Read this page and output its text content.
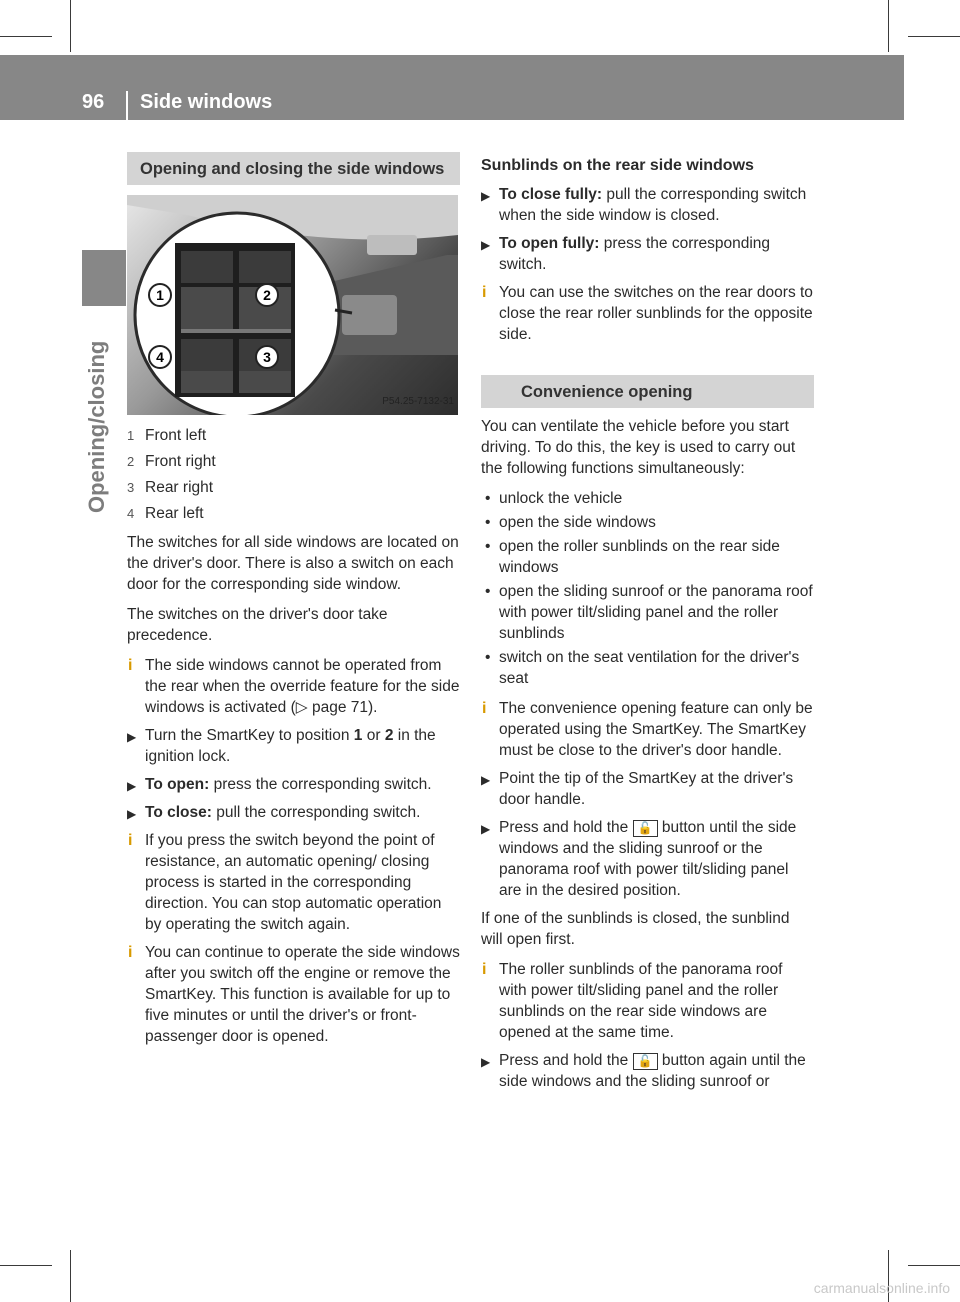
96 Side windows
Opening/closing
Opening and closing the side windows
1	2
3
4
P54.25-7132-31
1 Front left
2 Front right
3 Rear right
4 Rear left

The switches for all side windows are located on the driver's door. There is also a switch on each door for the corresponding side window.

The switches on the driver's door take precedence.

i The side windows cannot be operated from the rear when the override feature for the side windows is activated (▷ page 71).
▶ Turn the SmartKey to position 1 or 2 in the ignition lock.
▶ To open: press the corresponding switch.
▶ To close: pull the corresponding switch.
i If you press the switch beyond the point of resistance, an automatic opening/ closing process is started in the corresponding direction. You can stop automatic operation by operating the switch again.
i You can continue to operate the side windows after you switch off the engine or remove the SmartKey. This function is available for up to five minutes or until the driver's or front-passenger door is opened.
Sunblinds on the rear side windows
▶ To close fully: pull the corresponding switch when the side window is closed.
▶ To open fully: press the corresponding switch.
i You can use the switches on the rear doors to close the rear roller sunblinds for the opposite side.
Convenience opening

You can ventilate the vehicle before you start driving. To do this, the key is used to carry out the following functions simultaneously:

• unlock the vehicle
• open the side windows
• open the roller sunblinds on the rear side windows
• open the sliding sunroof or the panorama roof with power tilt/sliding panel and the roller sunblinds
• switch on the seat ventilation for the driver's seat
i The convenience opening feature can only be operated using the SmartKey. The SmartKey must be close to the driver's door handle.
▶ Point the tip of the SmartKey at the driver's door handle.
▶ Press and hold the 🔓 button until the side windows and the sliding sunroof or the panorama roof with power tilt/sliding panel are in the desired position.

If one of the sunblinds is closed, the sunblind will open first.

i The roller sunblinds of the panorama roof with power tilt/sliding panel and the roller sunblinds on the rear side windows are opened at the same time.
▶ Press and hold the 🔓 button again until the side windows and the sliding sunroof or
carmanualsonline.info
